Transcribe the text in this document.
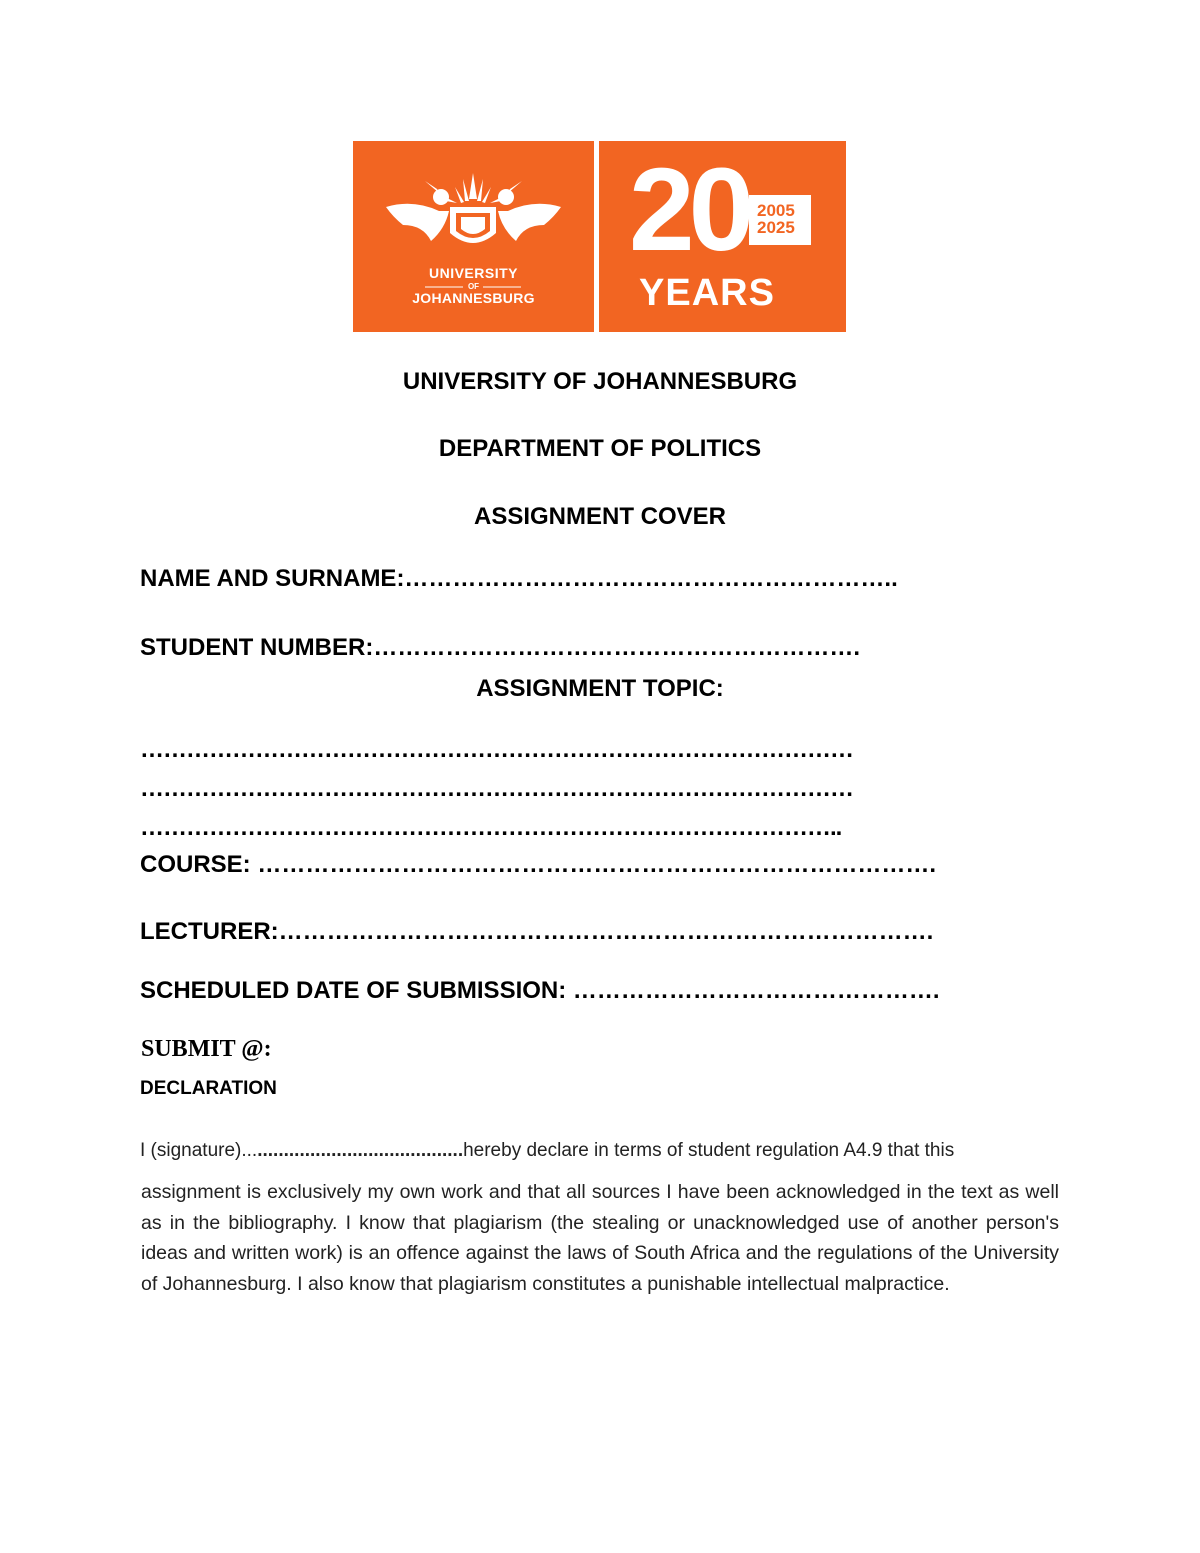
UNIVERSITY
OF
JOHANNESBURG
20 2005
2025
YEARS
UNIVERSITY OF JOHANNESBURG
DEPARTMENT OF POLITICS
ASSIGNMENT COVER
NAME AND SURNAME:……………………………………………………..
STUDENT NUMBER:…………………………………………………….
ASSIGNMENT TOPIC:
…………………………………………………………………………………
…………………………………………………………………………………
………………………………………………………………………………..
COURSE: ………………………………………………………………………….
LECTURER:……………………………………………………………………….
SCHEDULED DATE OF SUBMISSION: ……………………………………….
SUBMIT @:
DECLARATION
I (signature)..........................................hereby declare in terms of student regulation A4.9 that this
assignment is exclusively my own work and that all sources I have been acknowledged in the text as well as in the bibliography. I know that plagiarism (the stealing or unacknowledged use of another person's ideas and written work) is an offence against the laws of South Africa and the regulations of the University of Johannesburg. I also know that plagiarism constitutes a punishable intellectual malpractice.
